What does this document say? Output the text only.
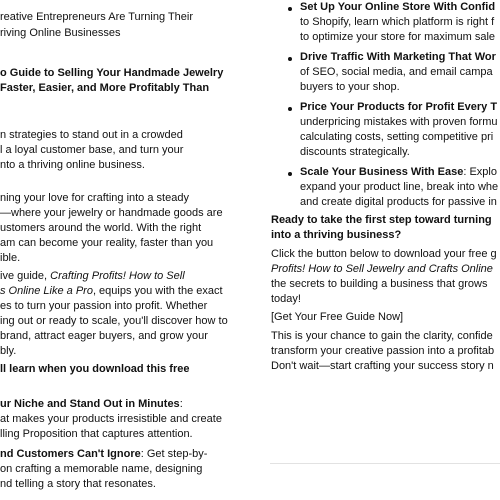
reative Entrepreneurs Are Turning Their

riving Online Businesses

o Guide to Selling Your Handmade Jewelry

Faster, Easier, and More Profitably Than

n strategies to stand out in a crowded

l a loyal customer base, and turn your

nto a thriving online business.

ning your love for crafting into a steady

—where your jewelry or handmade goods are

ustomers around the world. With the right

am can become your reality, faster than you

ible.

ive guide, Crafting Profits! How to Sell

s Online Like a Pro, equips you with the exact

es to turn your passion into profit. Whether

ing out or ready to scale, you'll discover how to

brand, attract eager buyers, and grow your

bly.

ll learn when you download this free

ur Niche and Stand Out in Minutes:

at makes your products irresistible and create

lling Proposition that captures attention.

nd Customers Can't Ignore: Get step-by-

on crafting a memorable name, designing

nd telling a story that resonates.

Set Up Your Online Store With Confid

to Shopify, learn which platform is right f

to optimize your store for maximum sale

Drive Traffic With Marketing That Wor

of SEO, social media, and email campa

buyers to your shop.

Price Your Products for Profit Every T

underpricing mistakes with proven formu

calculating costs, setting competitive pri

discounts strategically.

Scale Your Business With Ease: Explo

expand your product line, break into whe

and create digital products for passive in

Ready to take the first step toward turning

into a thriving business?

Click the button below to download your free g

Profits! How to Sell Jewelry and Crafts Online

the secrets to building a business that grows

today!

[Get Your Free Guide Now]

This is your chance to gain the clarity, confide

transform your creative passion into a profitab

Don't wait—start crafting your success story n
